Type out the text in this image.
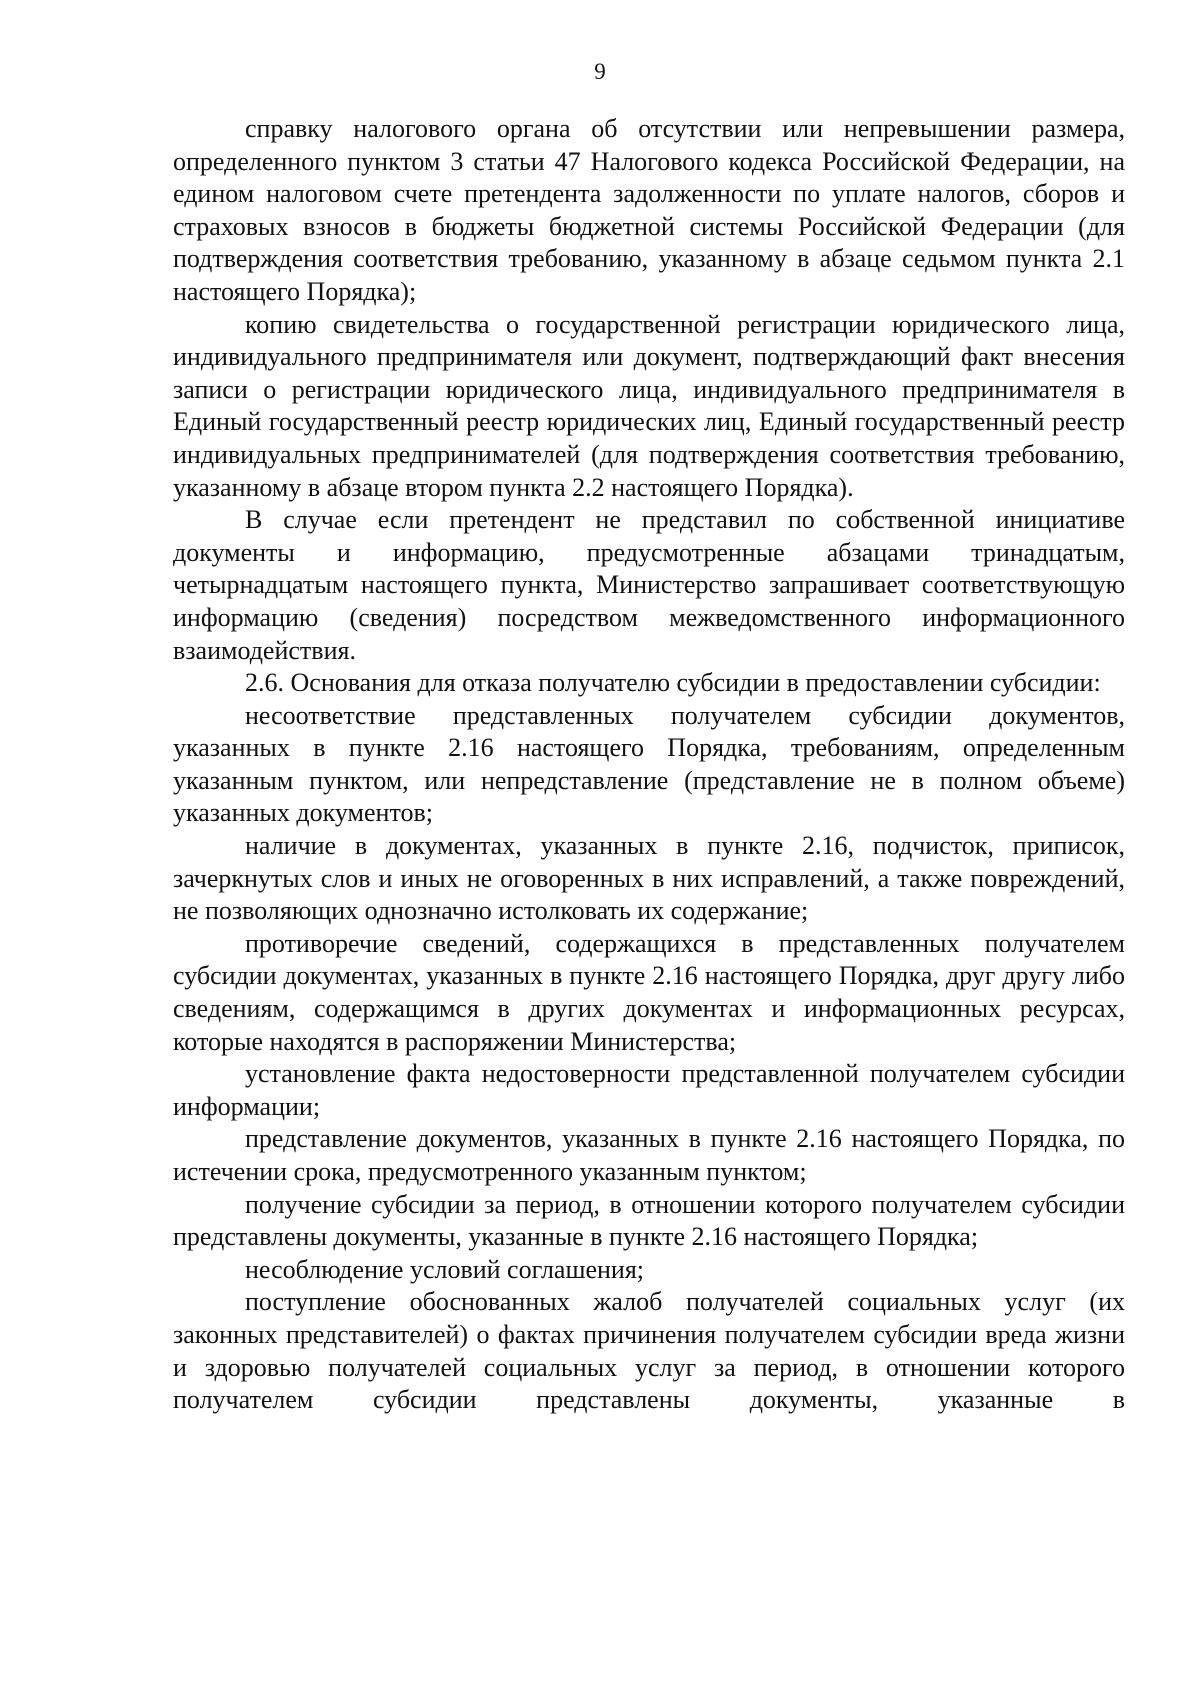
9

справку налогового органа об отсутствии или непревышении размера, определенного пунктом 3 статьи 47 Налогового кодекса Российской Федерации, на едином налоговом счете претендента задолженности по уплате налогов, сборов и страховых взносов в бюджеты бюджетной системы Российской Федерации (для подтверждения соответствия требованию, указанному в абзаце седьмом пункта 2.1 настоящего Порядка);

копию свидетельства о государственной регистрации юридического лица, индивидуального предпринимателя или документ, подтверждающий факт внесения записи о регистрации юридического лица, индивидуального предпринимателя в Единый государственный реестр юридических лиц, Единый государственный реестр индивидуальных предпринимателей (для подтверждения соответствия требованию, указанному в абзаце втором пункта 2.2 настоящего Порядка).

В случае если претендент не представил по собственной инициативе документы и информацию, предусмотренные абзацами тринадцатым, четырнадцатым настоящего пункта, Министерство запрашивает соответствующую информацию (сведения) посредством межведомственного информационного взаимодействия.

2.6. Основания для отказа получателю субсидии в предоставлении субсидии:

несоответствие представленных получателем субсидии документов, указанных в пункте 2.16 настоящего Порядка, требованиям, определенным указанным пунктом, или непредставление (представление не в полном объеме) указанных документов;

наличие в документах, указанных в пункте 2.16, подчисток, приписок, зачеркнутых слов и иных не оговоренных в них исправлений, а также повреждений, не позволяющих однозначно истолковать их содержание;

противоречие сведений, содержащихся в представленных получателем субсидии документах, указанных в пункте 2.16 настоящего Порядка, друг другу либо сведениям, содержащимся в других документах и информационных ресурсах, которые находятся в распоряжении Министерства;

установление факта недостоверности представленной получателем субсидии информации;

представление документов, указанных в пункте 2.16 настоящего Порядка, по истечении срока, предусмотренного указанным пунктом;

получение субсидии за период, в отношении которого получателем субсидии представлены документы, указанные в пункте 2.16 настоящего Порядка;

несоблюдение условий соглашения;

поступление обоснованных жалоб получателей социальных услуг (их законных представителей) о фактах причинения получателем субсидии вреда жизни и здоровью получателей социальных услуг за период, в отношении которого получателем субсидии представлены документы, указанные в
